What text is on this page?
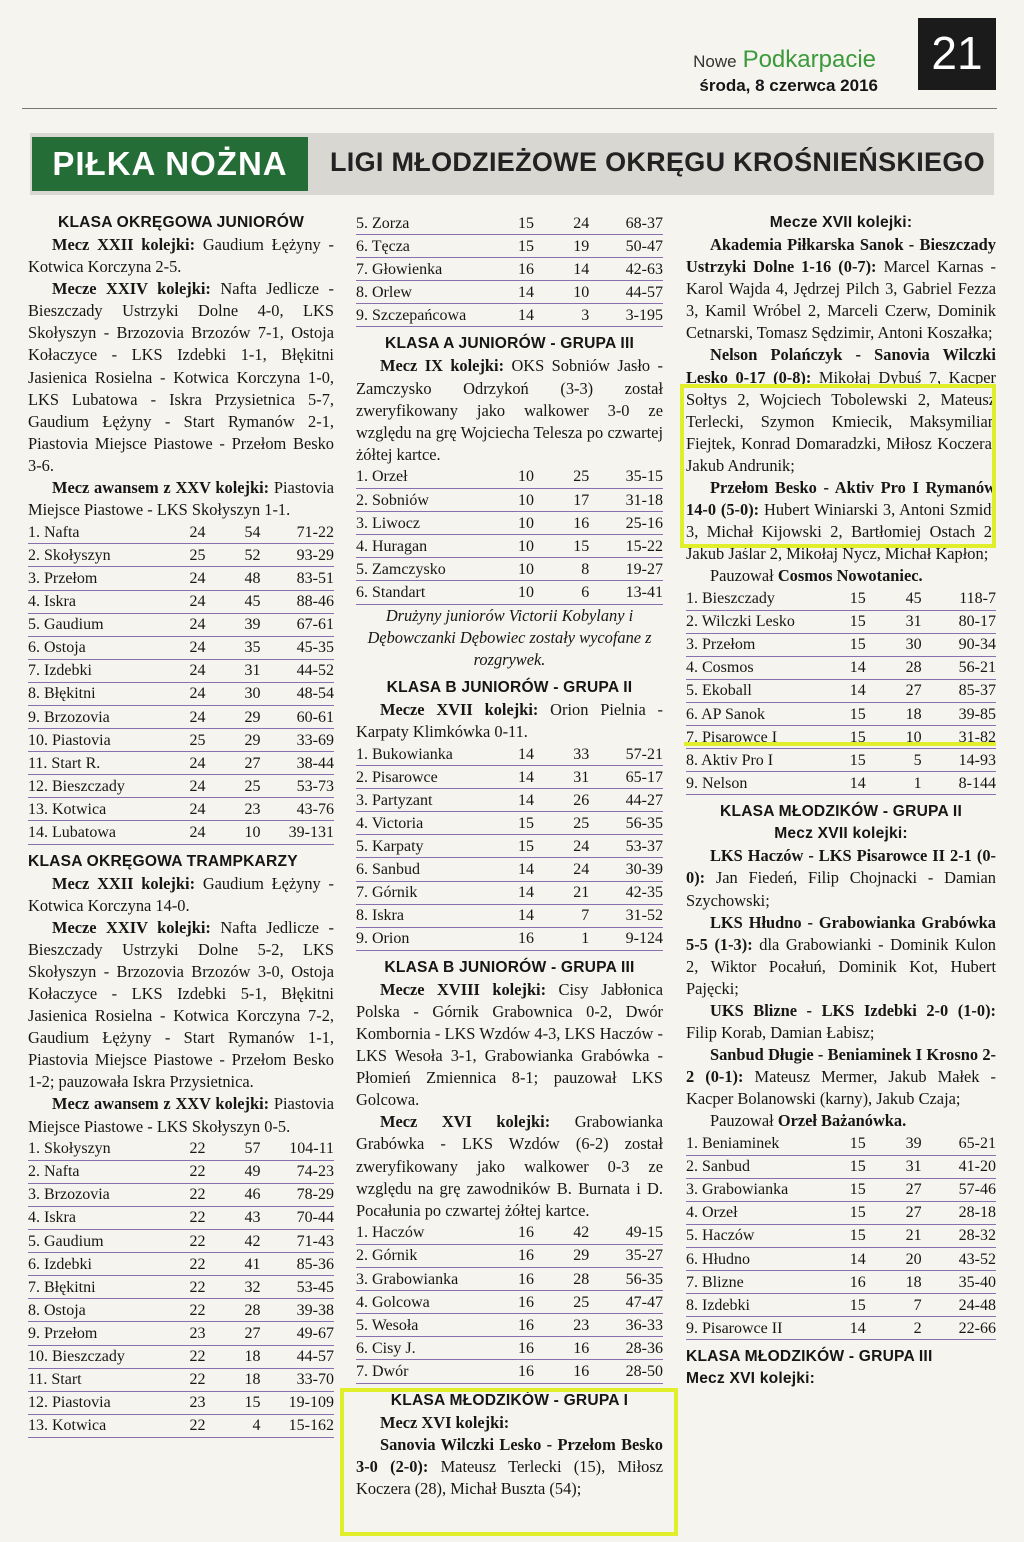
Nowe Podkarpacie
środa, 8 czerwca 2016
21
PIŁKA NOŻNA	LIGI MŁODZIEŻOWE OKRĘGU KROŚNIEŃSKIEGO
KLASA OKRĘGOWA JUNIORÓW

Mecz XXII kolejki: Gaudium Łężyny - Kotwica Korczyna 2-5.

Mecze XXIV kolejki: Nafta Jedlicze - Bieszczady Ustrzyki Dolne 4-0, LKS Skołyszyn - Brzozovia Brzozów 7-1, Ostoja Kołaczyce - LKS Izdebki 1-1, Błękitni Jasienica Rosielna - Kotwica Korczyna 1-0, LKS Lubatowa - Iskra Przysietnica 5-7, Gaudium Łężyny - Start Rymanów 2-1, Piastovia Miejsce Piastowe - Przełom Besko 3-6.

Mecz awansem z XXV kolejki: Piastovia Miejsce Piastowe - LKS Skołyszyn 1-1.

1. Nafta	24	54	71-22
2. Skołyszyn	25	52	93-29
3. Przełom	24	48	83-51
4. Iskra	24	45	88-46
5. Gaudium	24	39	67-61
6. Ostoja	24	35	45-35
7. Izdebki	24	31	44-52
8. Błękitni	24	30	48-54
9. Brzozovia	24	29	60-61
10. Piastovia	25	29	33-69
11. Start R.	24	27	38-44
12. Bieszczady	24	25	53-73
13. Kotwica	24	23	43-76
14. Lubatowa	24	10	39-131
KLASA OKRĘGOWA TRAMPKARZY

Mecz XXII kolejki: Gaudium Łężyny - Kotwica Korczyna 14-0.

Mecze XXIV kolejki: Nafta Jedlicze - Bieszczady Ustrzyki Dolne 5-2, LKS Skołyszyn - Brzozovia Brzozów 3-0, Ostoja Kołaczyce - LKS Izdebki 5-1, Błękitni Jasienica Rosielna - Kotwica Korczyna 7-2, Gaudium Łężyny - Start Rymanów 1-1, Piastovia Miejsce Piastowe - Przełom Besko 1-2; pauzowała Iskra Przysietnica.

Mecz awansem z XXV kolejki: Piastovia Miejsce Piastowe - LKS Skołyszyn 0-5.

1. Skołyszyn	22	57	104-11
2. Nafta	22	49	74-23
3. Brzozovia	22	46	78-29
4. Iskra	22	43	70-44
5. Gaudium	22	42	71-43
6. Izdebki	22	41	85-36
7. Błękitni	22	32	53-45
8. Ostoja	22	28	39-38
9. Przełom	23	27	49-67
10. Bieszczady	22	18	44-57
11. Start	22	18	33-70
12. Piastovia	23	15	19-109
13. Kotwica	22	4	15-162
5. Zorza	15	24	68-37
6. Tęcza	15	19	50-47
7. Głowienka	16	14	42-63
8. Orlew	14	10	44-57
9. Szczepańcowa	14	3	3-195
KLASA A JUNIORÓW - GRUPA III

Mecz IX kolejki: OKS Sobniów Jasło - Zamczysko Odrzykoń (3-3) został zweryfikowany jako walkower 3-0 ze względu na grę Wojciecha Telesza po czwartej żółtej kartce.

1. Orzeł	10	25	35-15
2. Sobniów	10	17	31-18
3. Liwocz	10	16	25-16
4. Huragan	10	15	15-22
5. Zamczysko	10	8	19-27
6. Standart	10	6	13-41

Drużyny juniorów Victorii Kobylany i Dębowczanki Dębowiec zostały wycofane z rozgrywek.

KLASA B JUNIORÓW - GRUPA II

Mecze XVII kolejki: Orion Pielnia - Karpaty Klimkówka 0-11.

1. Bukowianka	14	33	57-21
2. Pisarowce	14	31	65-17
3. Partyzant	14	26	44-27
4. Victoria	15	25	56-35
5. Karpaty	15	24	53-37
6. Sanbud	14	24	30-39
7. Górnik	14	21	42-35
8. Iskra	14	7	31-52
9. Orion	16	1	9-124
KLASA B JUNIORÓW - GRUPA III

Mecze XVIII kolejki: Cisy Jabłonica Polska - Górnik Grabownica 0-2, Dwór Kombornia - LKS Wzdów 4-3, LKS Haczów - LKS Wesoła 3-1, Grabowianka Grabówka - Płomień Zmiennica 8-1; pauzował LKS Golcowa.

Mecz XVI kolejki: Grabowianka Grabówka - LKS Wzdów (6-2) został zweryfikowany jako walkower 0-3 ze względu na grę zawodników B. Burnata i D. Pocałunia po czwartej żółtej kartce.

1. Haczów	16	42	49-15
2. Górnik	16	29	35-27
3. Grabowianka	16	28	56-35
4. Golcowa	16	25	47-47
5. Wesoła	16	23	36-33
6. Cisy J.	16	16	28-36
7. Dwór	16	16	28-50
KLASA MŁODZIKÓW - GRUPA I

Mecz XVI kolejki:

Sanovia Wilczki Lesko - Przełom Besko 3-0 (2-0): Mateusz Terlecki (15), Miłosz Koczera (28), Michał Buszta (54);

Mecze XVII kolejki:

Akademia Piłkarska Sanok - Bieszczady Ustrzyki Dolne 1-16 (0-7): Marcel Karnas - Karol Wajda 4, Jędrzej Pilch 3, Gabriel Fezza 3, Kamil Wróbel 2, Marceli Czerw, Dominik Cetnarski, Tomasz Sędzimir, Antoni Koszałka;

Nelson Polańczyk - Sanovia Wilczki Lesko 0-17 (0-8): Mikołaj Dybuś 7, Kacper Sołtys 2, Wojciech Tobolewski 2, Mateusz Terlecki, Szymon Kmiecik, Maksymilian Fiejtek, Konrad Domaradzki, Miłosz Koczera, Jakub Andrunik;

Przełom Besko - Aktiv Pro I Rymanów 14-0 (5-0): Hubert Winiarski 3, Antoni Szmidt 3, Michał Kijowski 2, Bartłomiej Ostach 2, Jakub Jaślar 2, Mikołaj Nycz, Michał Kapłon;

Pauzował Cosmos Nowotaniec.

1. Bieszczady	15	45	118-7
2. Wilczki Lesko	15	31	80-17
3. Przełom	15	30	90-34
4. Cosmos	14	28	56-21
5. Ekoball	14	27	85-37
6. AP Sanok	15	18	39-85
7. Pisarowce I	15	10	31-82
8. Aktiv Pro I	15	5	14-93
9. Nelson	14	1	8-144
KLASA MŁODZIKÓW - GRUPA II
Mecz XVII kolejki:

LKS Haczów - LKS Pisarowce II 2-1 (0-0): Jan Fiedeń, Filip Chojnacki - Damian Szychowski;

LKS Hłudno - Grabowianka Grabówka 5-5 (1-3): dla Grabowianki - Dominik Kulon 2, Wiktor Pocałuń, Dominik Kot, Hubert Pajęcki;

UKS Blizne - LKS Izdebki 2-0 (1-0): Filip Korab, Damian Łabisz;

Sanbud Długie - Beniaminek I Krosno 2-2 (0-1): Mateusz Mermer, Jakub Małek - Kacper Bolanowski (karny), Jakub Czaja;

Pauzował Orzeł Bażanówka.

1. Beniaminek	15	39	65-21
2. Sanbud	15	31	41-20
3. Grabowianka	15	27	57-46
4. Orzeł	15	27	28-18
5. Haczów	15	21	28-32
6. Hłudno	14	20	43-52
7. Blizne	16	18	35-40
8. Izdebki	15	7	24-48
9. Pisarowce II	14	2	22-66
KLASA MŁODZIKÓW - GRUPA III
Mecz XVI kolejki:
